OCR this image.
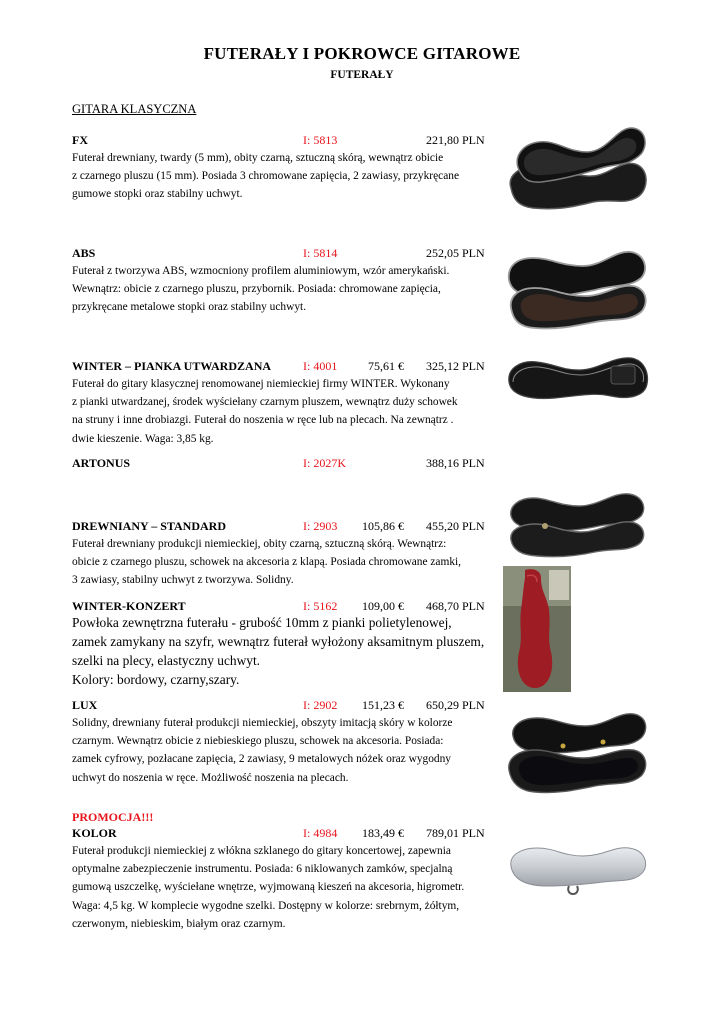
FUTERAŁY I POKROWCE GITAROWE
FUTERAŁY
GITARA KLASYCZNA
FX	I: 5813	221,80 PLN
Futerał drewniany, twardy (5 mm), obity czarną, sztuczną skórą, wewnątrz obicie
z czarnego pluszu (15 mm). Posiada 3 chromowane zapięcia, 2 zawiasy, przykręcane
gumowe stopki oraz stabilny uchwyt.
ABS	I: 5814	252,05 PLN
Futerał z tworzywa ABS, wzmocniony profilem aluminiowym, wzór amerykański.
Wewnątrz: obicie z czarnego pluszu, przybornik. Posiada: chromowane zapięcia,
przykręcane metalowe stopki oraz stabilny uchwyt.
WINTER – PIANKA UTWARDZANA	I: 4001	75,61 € 325,12 PLN
Futerał do gitary klasycznej renomowanej niemieckiej firmy WINTER. Wykonany
z pianki utwardzanej, środek wyściełany czarnym pluszem, wewnątrz duży schowek
na struny i inne drobiazgi. Futerał do noszenia w ręce lub na plecach. Na zewnątrz .
dwie kieszenie. Waga: 3,85 kg.
ARTONUS	I: 2027K	388,16 PLN
DREWNIANY – STANDARD	I: 2903 105,86 € 455,20 PLN
Futerał drewniany produkcji niemieckiej, obity czarną, sztuczną skórą. Wewnątrz:
obicie z czarnego pluszu, schowek na akcesoria z klapą. Posiada chromowane zamki,
3 zawiasy, stabilny uchwyt z tworzywa. Solidny.
WINTER-KONZERT	I: 5162 109,00 € 468,70 PLN
Powłoka zewnętrzna futerału - grubość 10mm z pianki polietylenowej,
zamek zamykany na szyfr, wewnątrz futerał wyłożony aksamitnym pluszem,
szelki na plecy, elastyczny uchwyt.
Kolory: bordowy, czarny,szary.
LUX	I: 2902 151,23 € 650,29 PLN
Solidny, drewniany futerał produkcji niemieckiej, obszyty imitacją skóry w kolorze
czarnym. Wewnątrz obicie z niebieskiego pluszu, schowek na akcesoria. Posiada:
zamek cyfrowy, pozłacane zapięcia, 2 zawiasy, 9 metalowych nóżek oraz wygodny
uchwyt do noszenia w ręce. Możliwość noszenia na plecach.
PROMOCJA!!!
KOLOR	I: 4984 183,49 € 789,01 PLN
Futerał produkcji niemieckiej z włókna szklanego do gitary koncertowej, zapewnia
optymalne zabezpieczenie instrumentu. Posiada: 6 niklowanych zamków, specjalną
gumową uszczelkę, wyściełane wnętrze, wyjmowaną kieszeń na akcesoria, higrometr.
Waga: 4,5 kg. W komplecie wygodne szelki. Dostępny w kolorze: srebrnym, żółtym,
czerwonym, niebieskim, białym oraz czarnym.
